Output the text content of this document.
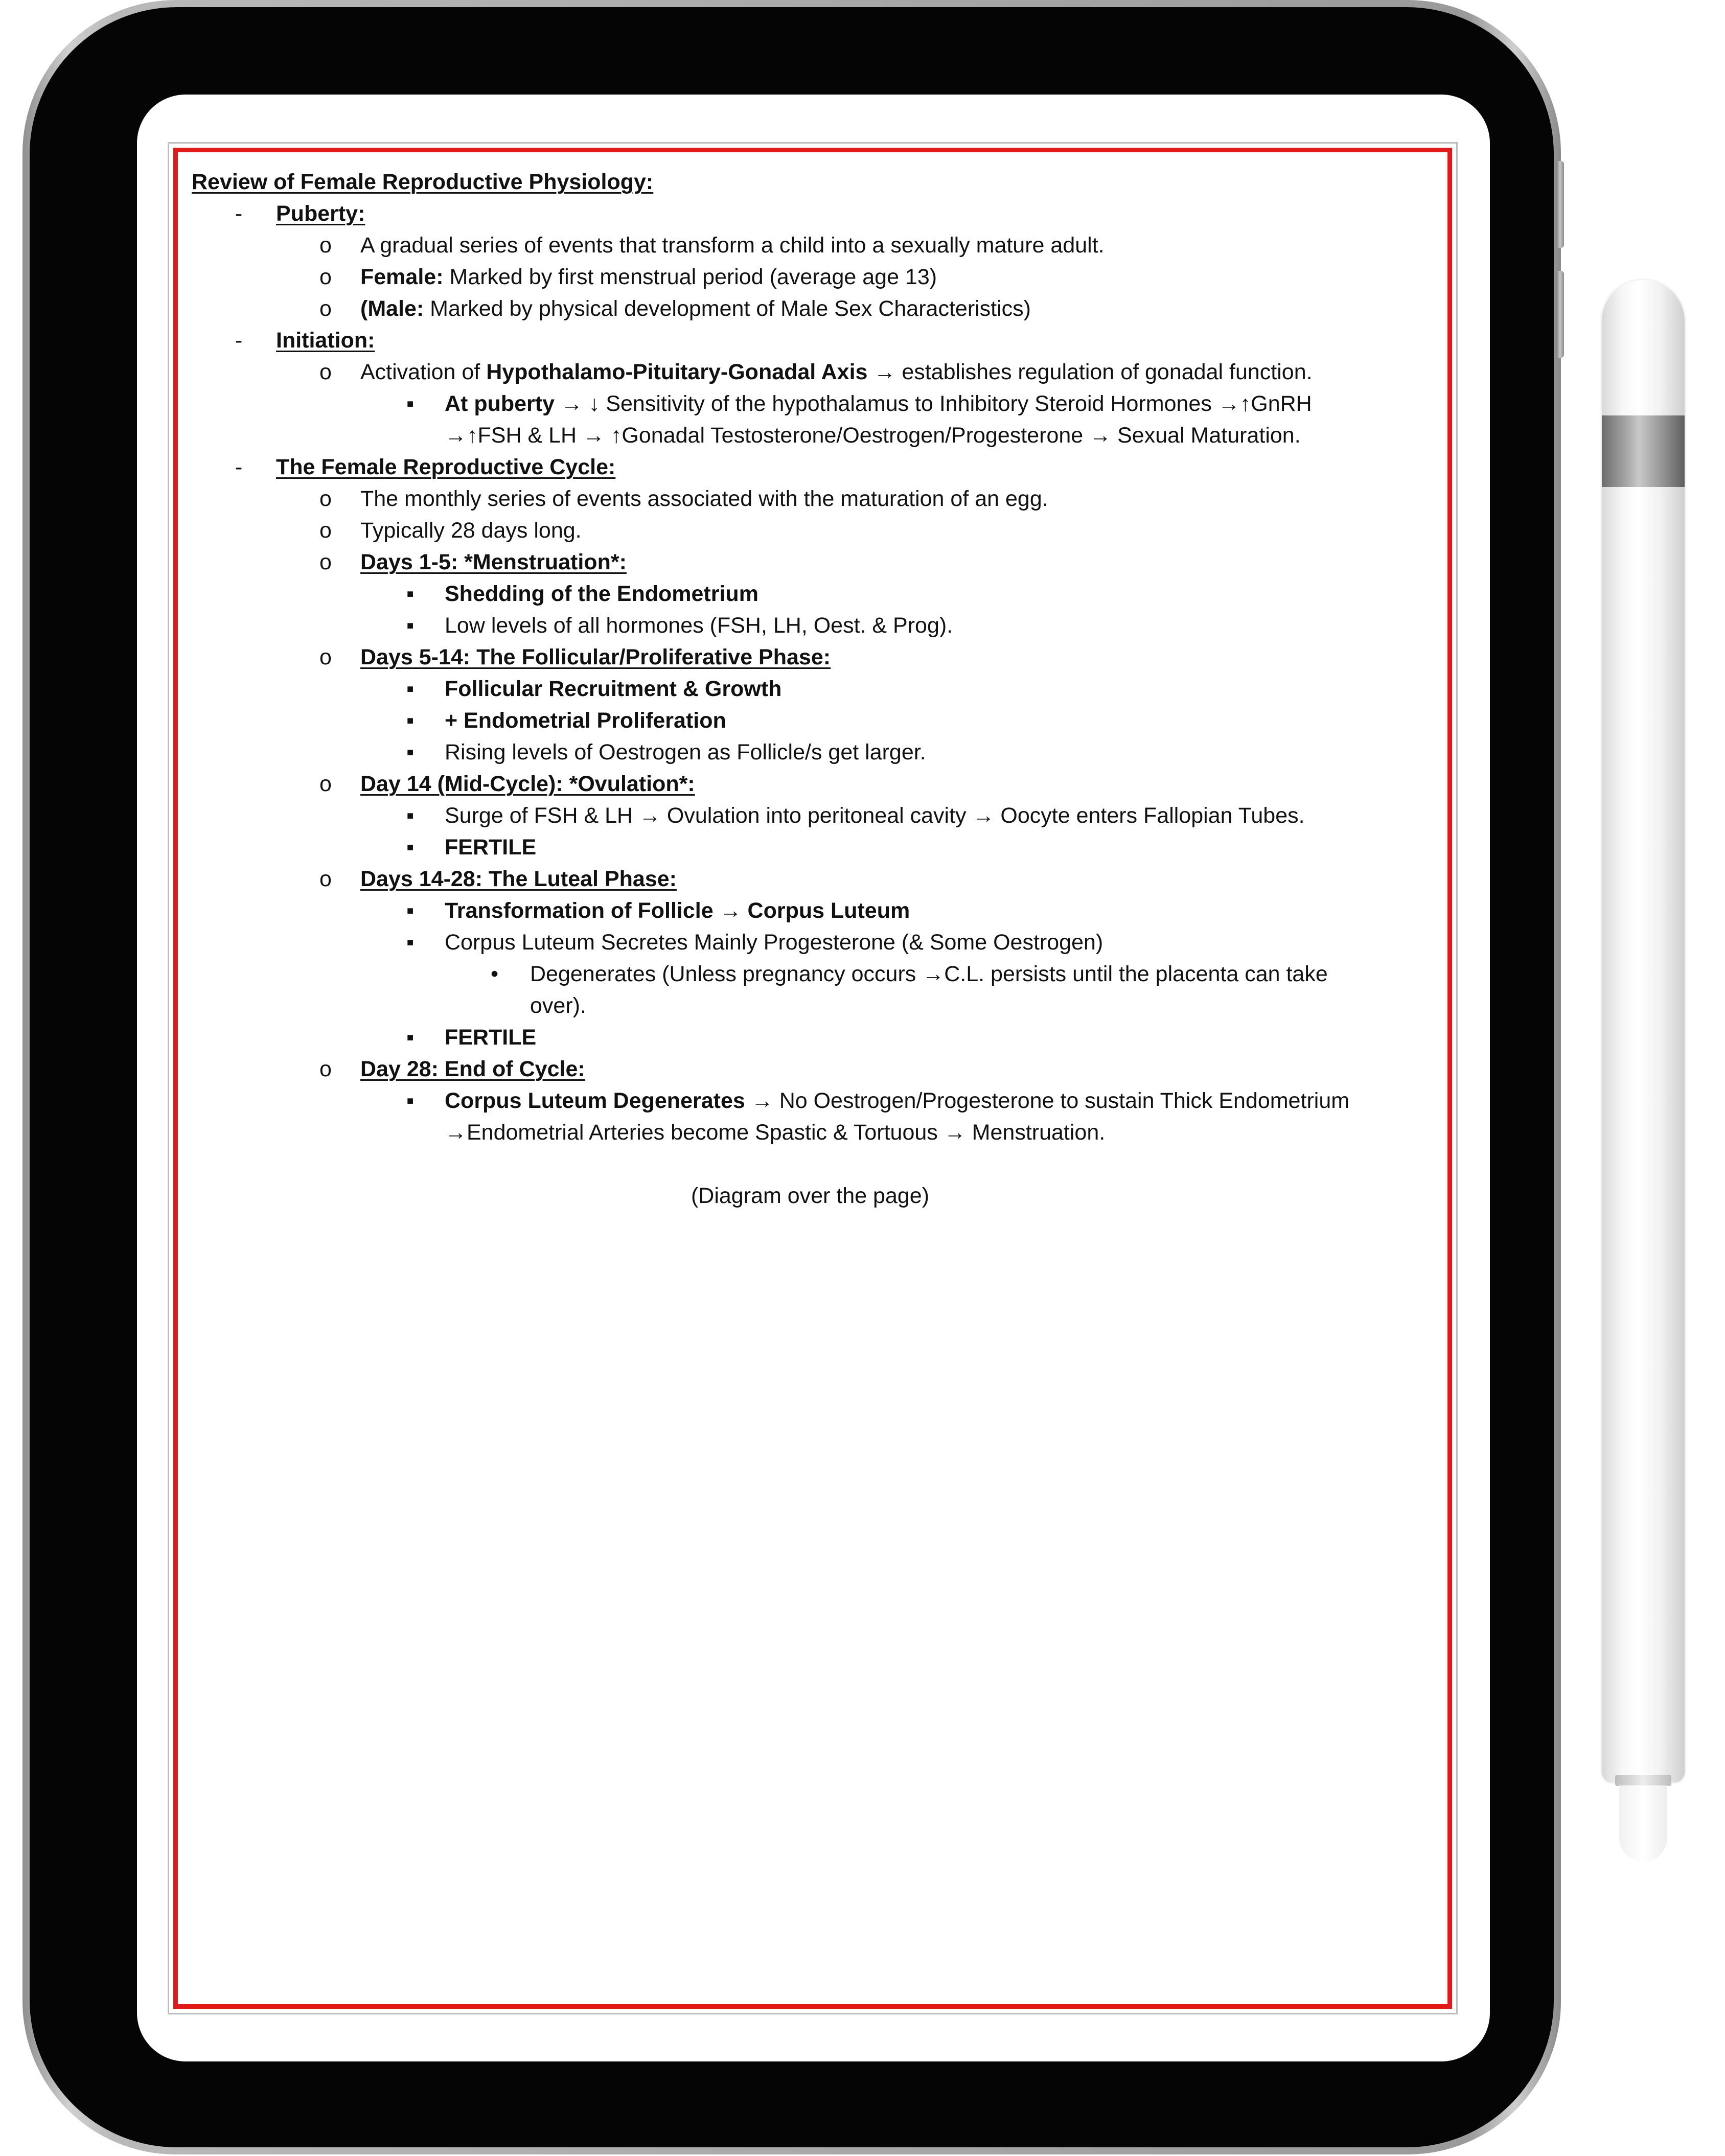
Review of Female Reproductive Physiology:
- Puberty:
o A gradual series of events that transform a child into a sexually mature adult.
o Female: Marked by first menstrual period (average age 13)
o (Male: Marked by physical development of Male Sex Characteristics)
- Initiation:
o Activation of Hypothalamo-Pituitary-Gonadal Axis → establishes regulation of gonadal function.
▪ At puberty → ↓ Sensitivity of the hypothalamus to Inhibitory Steroid Hormones →↑GnRH
→↑FSH & LH → ↑Gonadal Testosterone/Oestrogen/Progesterone → Sexual Maturation.
- The Female Reproductive Cycle:
o The monthly series of events associated with the maturation of an egg.
o Typically 28 days long.
o Days 1-5: *Menstruation*:
▪ Shedding of the Endometrium
▪ Low levels of all hormones (FSH, LH, Oest. & Prog).
o Days 5-14: The Follicular/Proliferative Phase:
▪ Follicular Recruitment & Growth
▪ + Endometrial Proliferation
▪ Rising levels of Oestrogen as Follicle/s get larger.
o Day 14 (Mid-Cycle): *Ovulation*:
▪ Surge of FSH & LH → Ovulation into peritoneal cavity → Oocyte enters Fallopian Tubes.
▪ FERTILE
o Days 14-28: The Luteal Phase:
▪ Transformation of Follicle → Corpus Luteum
▪ Corpus Luteum Secretes Mainly Progesterone (& Some Oestrogen)
• Degenerates (Unless pregnancy occurs →C.L. persists until the placenta can take
over).
▪ FERTILE
o Day 28: End of Cycle:
▪ Corpus Luteum Degenerates → No Oestrogen/Progesterone to sustain Thick Endometrium
→Endometrial Arteries become Spastic & Tortuous → Menstruation.
(Diagram over the page)
